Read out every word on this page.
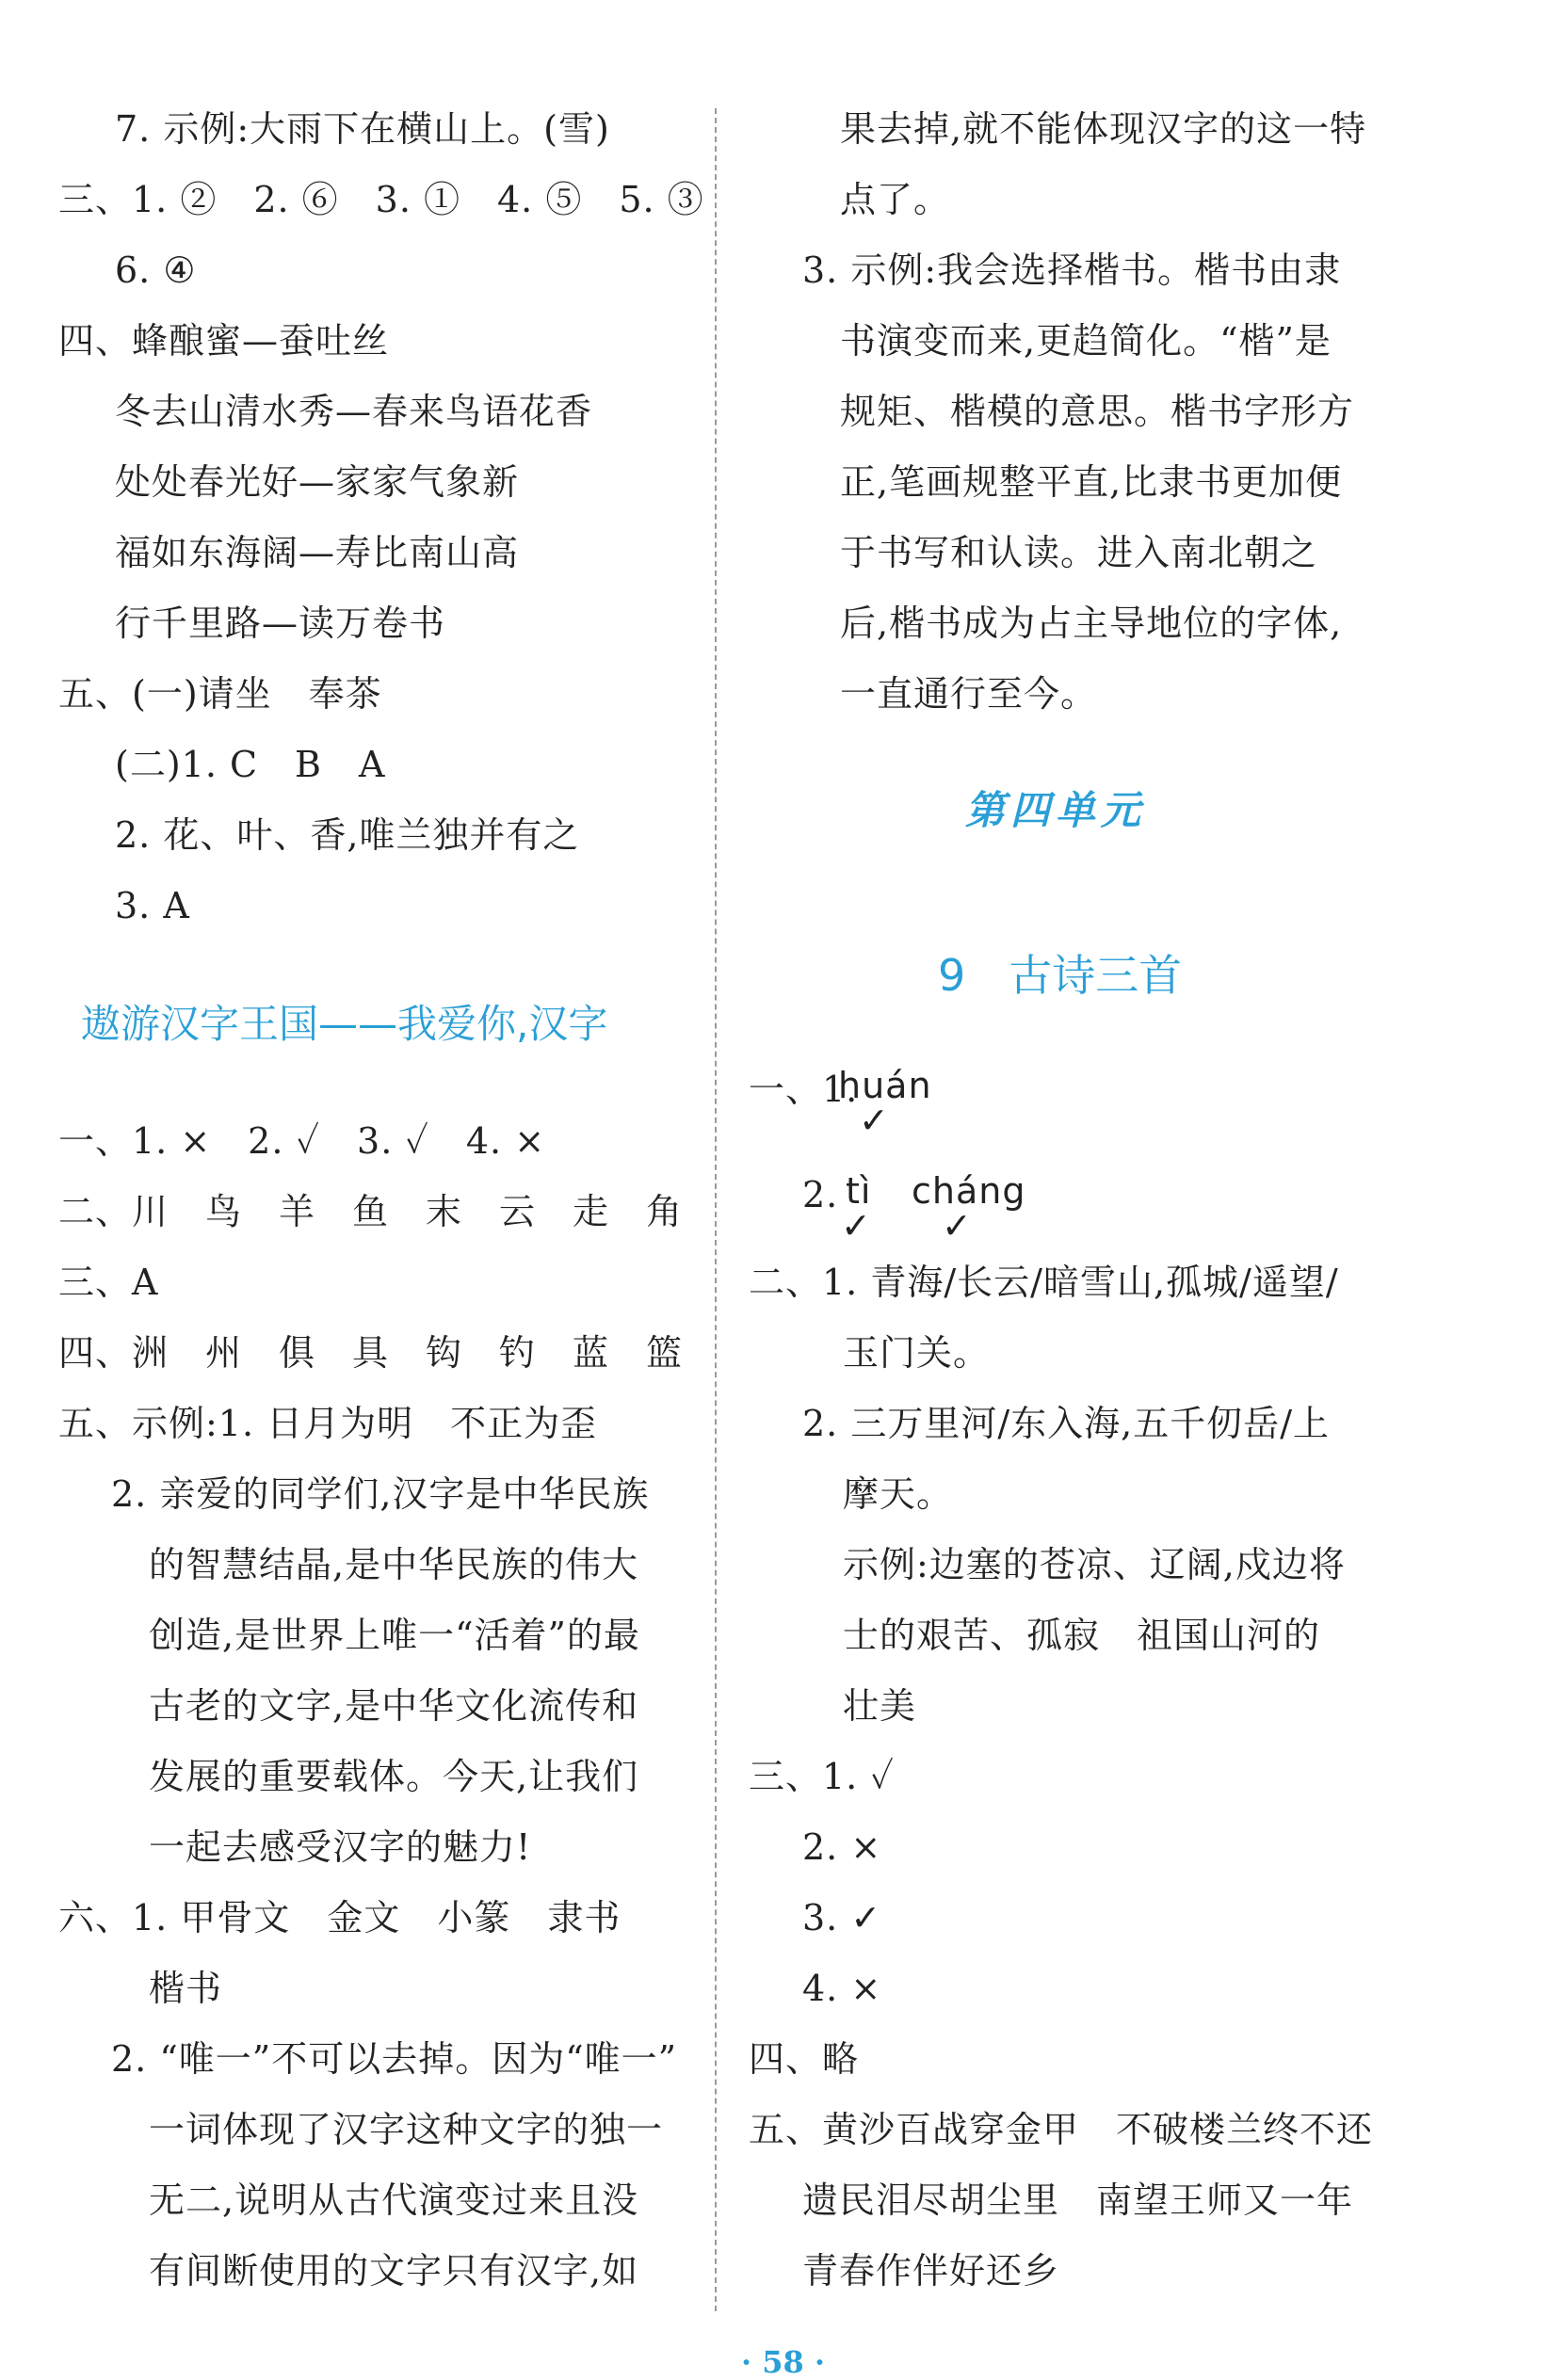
7. 示例:大雨下在横山上。(雪)
三、1. ②　2. ⑥　3. ①　4. ⑤　5. ③
6. ④
四、蜂酿蜜—蚕吐丝
冬去山清水秀—春来鸟语花香
处处春光好—家家气象新
福如东海阔—寿比南山高
行千里路—读万卷书
五、(一)请坐　奉茶
(二)1. C　B　A
2. 花、叶、香,唯兰独并有之
3. A
遨游汉字王国——我爱你,汉字
一、1. ×　2. ✓　3. ✓　4. ×
二、川　鸟　羊　鱼　末　云　走　角
三、A
四、洲　州　俱　具　钩　钓　蓝　篮
五、示例:1. 日月为明　不正为歪
2. 亲爱的同学们,汉字是中华民族
的智慧结晶,是中华民族的伟大
创造,是世界上唯一“活着”的最
古老的文字,是中华文化流传和
发展的重要载体。今天,让我们
一起去感受汉字的魅力!
六、1. 甲骨文　金文　小篆　隶书
楷书
2. “唯一”不可以去掉。因为“唯一”
一词体现了汉字这种文字的独一
无二,说明从古代演变过来且没
有间断使用的文字只有汉字,如
果去掉,就不能体现汉字的这一特
点了。
3. 示例:我会选择楷书。楷书由隶
书演变而来,更趋简化。“楷”是
规矩、楷模的意思。楷书字形方
正,笔画规整平直,比隶书更加便
于书写和认读。进入南北朝之
后,楷书成为占主导地位的字体,
一直通行至今。
第四单元
9　古诗三首
一、1.
huán
✓
2. tì cháng
✓ ✓
二、1. 青海/长云/暗雪山,孤城/遥望/
玉门关。
2. 三万里河/东入海,五千仞岳/上
摩天。
示例:边塞的苍凉、辽阔,戍边将
士的艰苦、孤寂　祖国山河的
壮美
三、1. ✓
2. ×
3. ✓
4. ×
四、略
五、黄沙百战穿金甲　不破楼兰终不还
遗民泪尽胡尘里　南望王师又一年
青春作伴好还乡
· 58 ·
